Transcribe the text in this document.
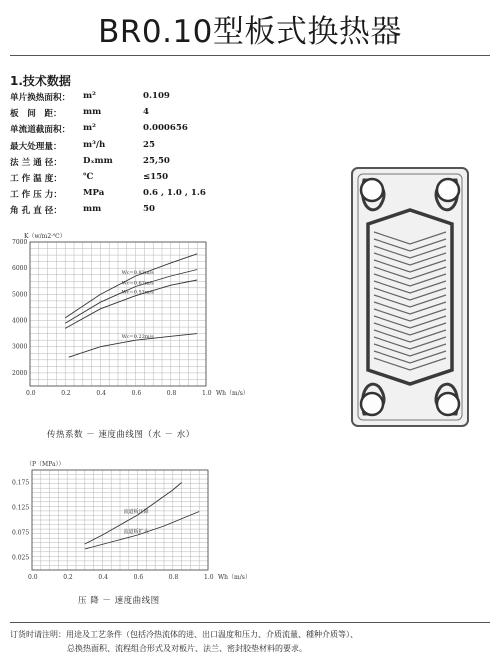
BR0.10型板式换热器
1.技术数据
单片换热面积： m²	0.109
板　间　距： mm	4
单流道截面积： m²	0.000656
最大处理量： m³/h	25
法 兰 通 径： Dₓmm	25,50
工 作 温 度： ℃	≤150
工 作 压 力： MPa	0.6 , 1.0 , 1.6
角 孔 直 径： mm	50
K（w/m2·℃）
0.0	0.2	0.4	0.6	0.8	1.0 Wh（m/s）
2000
3000
4000
5000
6000
7000
Wc=0.83m/s
Wc=0.67m/s
Wc=0.51m/s
Wc=0.22m/s
传热系数 － 速度曲线图（水 － 水）
（P（MPa））
0.0	0.2	0.4	0.6	0.8	1.0 Wh（m/s）
0.025
0.075
0.125
0.175
流道板压降
流道板扩大
压 降 － 速度曲线图
订货时请注明：用途及工艺条件（包括冷热流体的进、出口温度和压力、介质流量、種种介质等）、
总换热面积、流程组合形式及对板片、法兰、密封胶垫材料的要求。
